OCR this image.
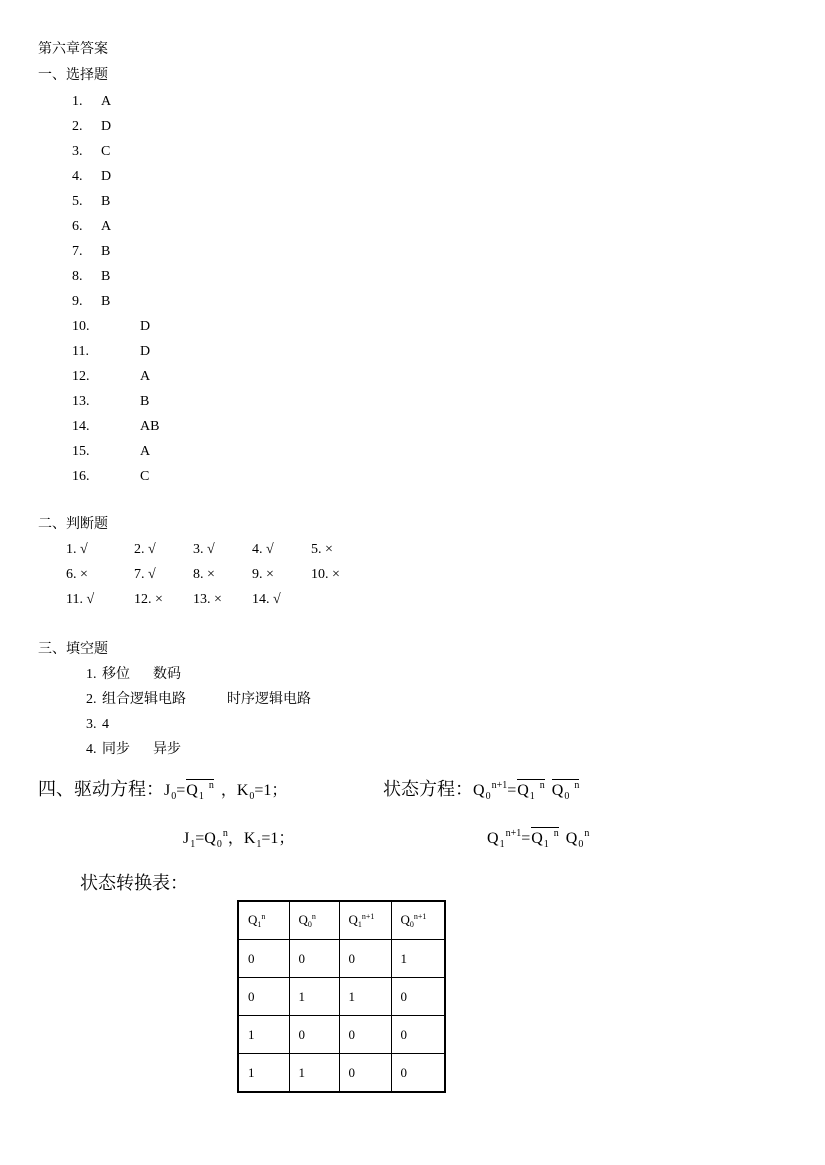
第六章答案
一、选择题
1. A
2. D
3. C
4. D
5. B
6. A
7. B
8. B
9. B
10.	D
11.	D
12.	A
13.	B
14.	AB
15.	A
16.	C
二、判断题
1. √	2. √	3. √	4. √	5. ×
6. ×	7. √	8. ×	9. ×	10. ×
11. √	12. × 13. × 14. √
三、填空题
1. 移位 数码
2. 组合逻辑电路	时序逻辑电路
3. 4
4. 同步 异步
四、驱动方程：$J_0=Q_1^n$ ，$K_0=1$；	状态方程：$Q_0^{n+1}=Q_1^n$ $Q_0^n$
$J_1=Q_0^n$，$K_1=1$；	$Q_1^{n+1}=Q_1^n$ $Q_0^n$
状态转换表：
$Q_1^n$	$Q_0^n$	$Q_1^{n+1}$	$Q_0^{n+1}$
0	0	0	1
0	1	1	0
1	0	0	0
1	1	0	0
